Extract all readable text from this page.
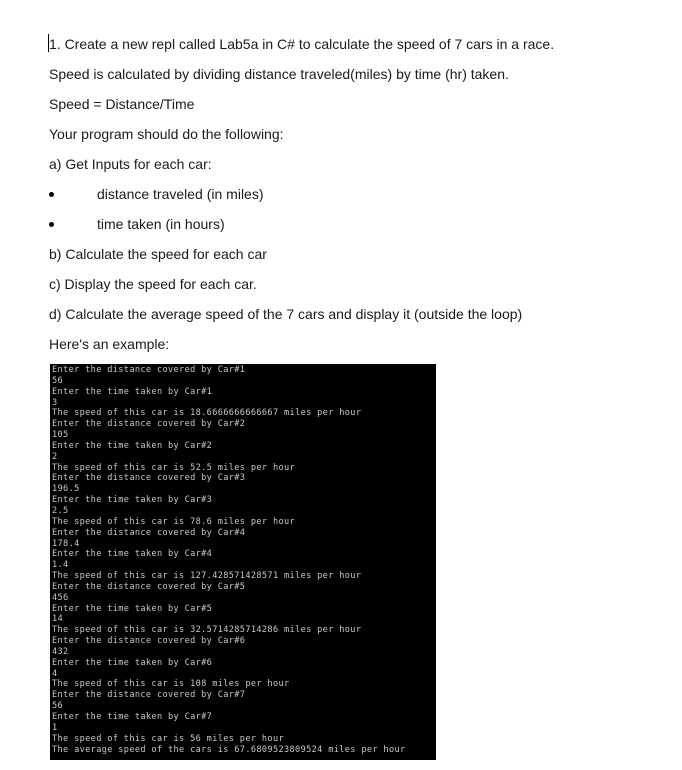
1. Create a new repl called Lab5a in C# to calculate the speed of 7 cars in a race.
Speed is calculated by dividing distance traveled(miles) by time (hr) taken.
Speed = Distance/Time
Your program should do the following:
a) Get Inputs for each car:
distance traveled (in miles)
time taken (in hours)
b) Calculate the speed for each car
c) Display the speed for each car.
d) Calculate the average speed of the 7 cars and display it (outside the loop)
Here's an example:
Enter the distance covered by Car#1
56
Enter the time taken by Car#1
3
The speed of this car is 18.6666666666667 miles per hour
Enter the distance covered by Car#2
105
Enter the time taken by Car#2
2
The speed of this car is 52.5 miles per hour
Enter the distance covered by Car#3
196.5
Enter the time taken by Car#3
2.5
The speed of this car is 78.6 miles per hour
Enter the distance covered by Car#4
178.4
Enter the time taken by Car#4
1.4
The speed of this car is 127.428571428571 miles per hour
Enter the distance covered by Car#5
456
Enter the time taken by Car#5
14
The speed of this car is 32.5714285714286 miles per hour
Enter the distance covered by Car#6
432
Enter the time taken by Car#6
4
The speed of this car is 108 miles per hour
Enter the distance covered by Car#7
56
Enter the time taken by Car#7
1
The speed of this car is 56 miles per hour
The average speed of the cars is 67.6809523809524 miles per hour
